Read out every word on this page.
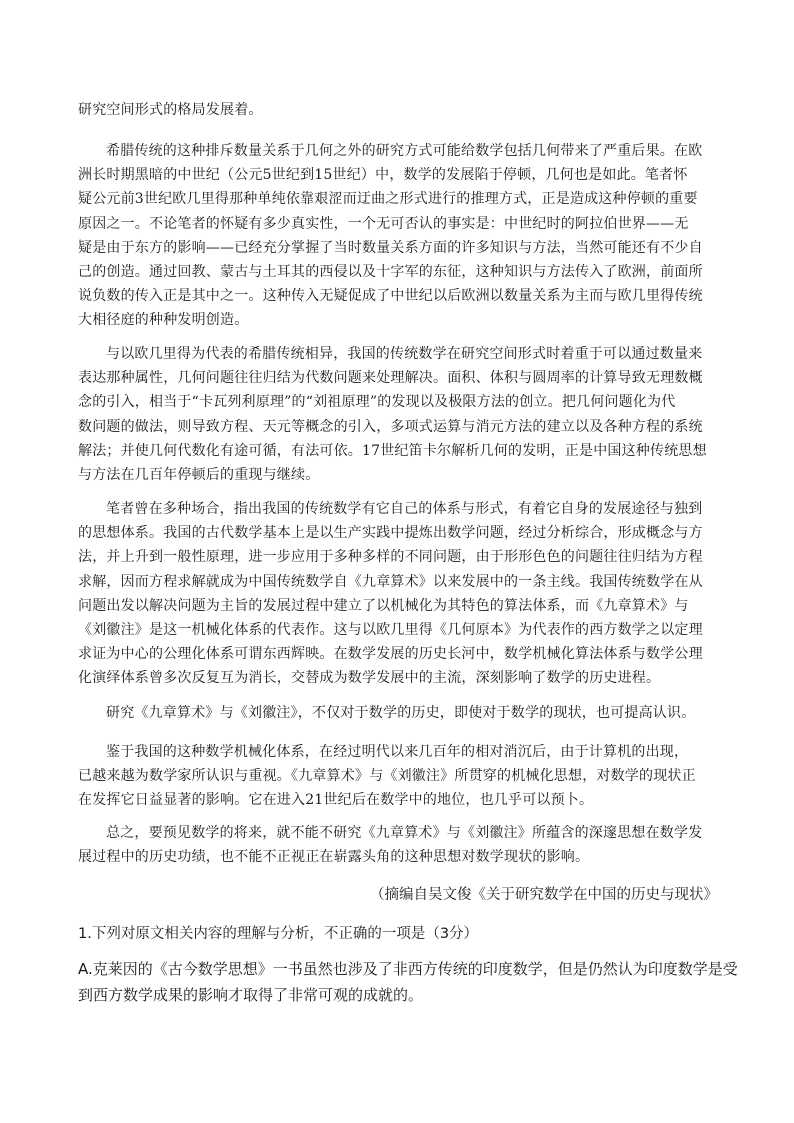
研究空间形式的格局发展着。
希腊传统的这种排斥数量关系于几何之外的研究方式可能给数学包括几何带来了严重后果。在欧
洲长时期黑暗的中世纪（公元5世纪到15世纪）中，数学的发展陷于停顿，几何也是如此。笔者怀
疑公元前3世纪欧几里得那种单纯依靠艰涩而迂曲之形式进行的推理方式，正是造成这种停顿的重要
原因之一。不论笔者的怀疑有多少真实性，一个无可否认的事实是：中世纪时的阿拉伯世界——无
疑是由于东方的影响——已经充分掌握了当时数量关系方面的许多知识与方法，当然可能还有不少自
己的创造。通过回教、蒙古与土耳其的西侵以及十字军的东征，这种知识与方法传入了欧洲，前面所
说负数的传入正是其中之一。这种传入无疑促成了中世纪以后欧洲以数量关系为主而与欧几里得传统
大相径庭的种种发明创造。
与以欧几里得为代表的希腊传统相异，我国的传统数学在研究空间形式时着重于可以通过数量来
表达那种属性，几何问题往往归结为代数问题来处理解决。面积、体积与圆周率的计算导致无理数概
念的引入，相当于“卡瓦列利原理”的“刘祖原理”的发现以及极限方法的创立。把几何问题化为代
数问题的做法，则导致方程、天元等概念的引入，多项式运算与消元方法的建立以及各种方程的系统
解法；并使几何代数化有途可循，有法可依。17世纪笛卡尔解析几何的发明，正是中国这种传统思想
与方法在几百年停顿后的重现与继续。
笔者曾在多种场合，指出我国的传统数学有它自己的体系与形式，有着它自身的发展途径与独到
的思想体系。我国的古代数学基本上是以生产实践中提炼出数学问题，经过分析综合，形成概念与方
法，并上升到一般性原理，进一步应用于多种多样的不同问题，由于形形色色的问题往往归结为方程
求解，因而方程求解就成为中国传统数学自《九章算术》以来发展中的一条主线。我国传统数学在从
问题出发以解决问题为主旨的发展过程中建立了以机械化为其特色的算法体系，而《九章算术》与
《刘徽注》是这一机械化体系的代表作。这与以欧几里得《几何原本》为代表作的西方数学之以定理
求证为中心的公理化体系可谓东西辉映。在数学发展的历史长河中，数学机械化算法体系与数学公理
化演绎体系曾多次反复互为消长，交替成为数学发展中的主流，深刻影响了数学的历史进程。
研究《九章算术》与《刘徽注》，不仅对于数学的历史，即使对于数学的现状，也可提高认识。
鉴于我国的这种数学机械化体系，在经过明代以来几百年的相对消沉后，由于计算机的出现，
已越来越为数学家所认识与重视。《九章算术》与《刘徽注》所贯穿的机械化思想，对数学的现状正
在发挥它日益显著的影响。它在进入21世纪后在数学中的地位，也几乎可以预卜。
总之，要预见数学的将来，就不能不研究《九章算术》与《刘徽注》所蕴含的深邃思想在数学发
展过程中的历史功绩，也不能不正视正在崭露头角的这种思想对数学现状的影响。
（摘编自吴文俊《关于研究数学在中国的历史与现状》
1.下列对原文相关内容的理解与分析，不正确的一项是（3分）
A.克莱因的《古今数学思想》一书虽然也涉及了非西方传统的印度数学，但是仍然认为印度数学是受
到西方数学成果的影响才取得了非常可观的成就的。
